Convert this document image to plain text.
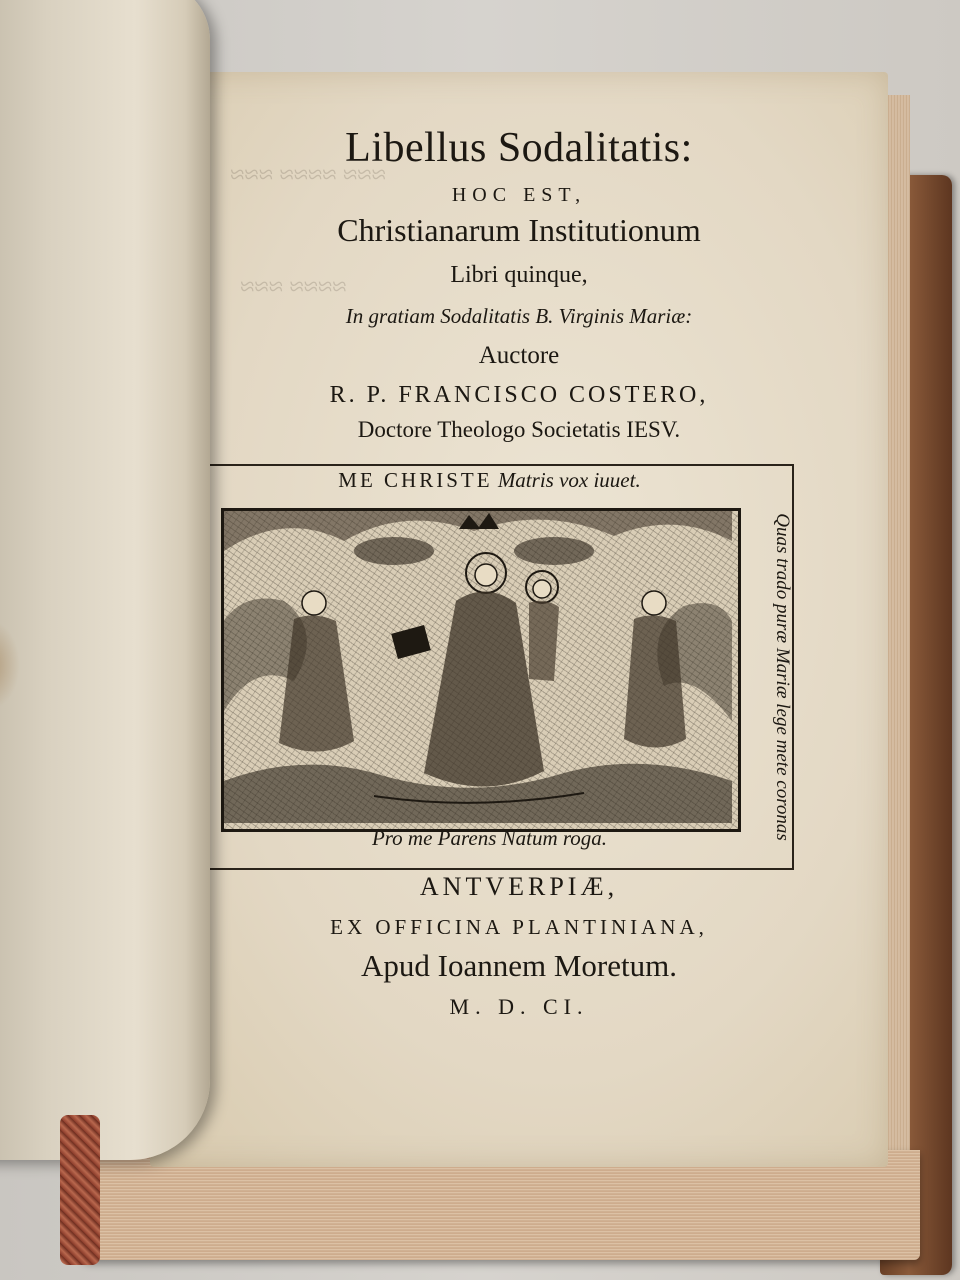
≈≈≈ ≈≈≈≈ ≈≈≈
≈≈≈≈ ≈≈≈
Libellus Sodalitatis:
HOC EST,
Christianarum Institutionum
Libri quinque,
In gratiam Sodalitatis B. Virginis Mariæ:
Auctore
R. P. FRANCISCO COSTERO,
Doctore Theologo Societatis IESV.
ME CHRISTE Matris vox iuuet.
Quas trado puræ Mariæ lege mete coronas
Pro me Parens Natum roga.
ANTVERPIÆ,
EX OFFICINA PLANTINIANA,
Apud Ioannem Moretum.
M. D. CI.
